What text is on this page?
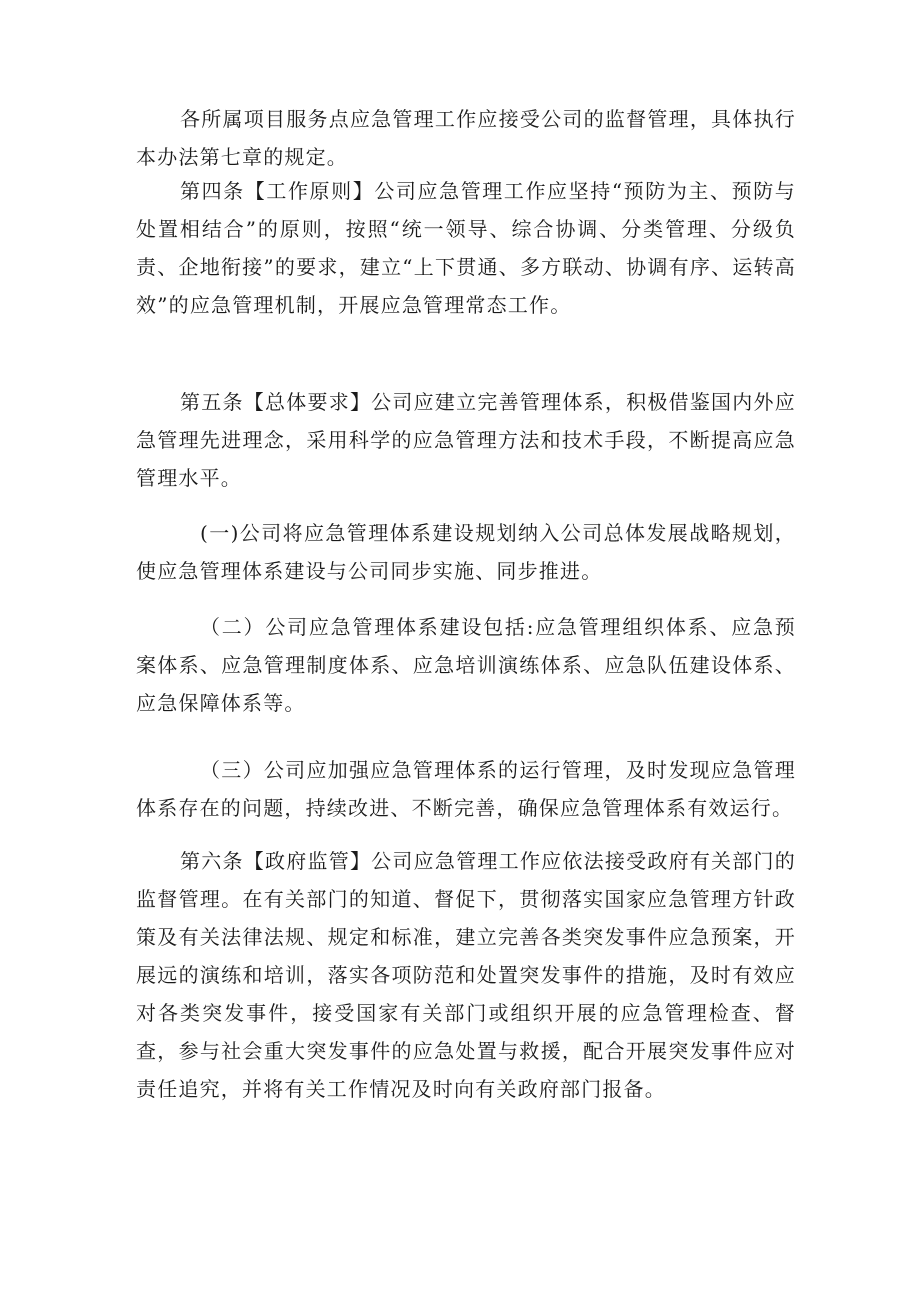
各所属项目服务点应急管理工作应接受公司的监督管理，具体执行本办法第七章的规定。

第四条【工作原则】公司应急管理工作应坚持“预防为主、预防与处置相结合”的原则，按照“统一领导、综合协调、分类管理、分级负责、企地衔接”的要求，建立“上下贯通、多方联动、协调有序、运转高效”的应急管理机制，开展应急管理常态工作。

第五条【总体要求】公司应建立完善管理体系，积极借鉴国内外应急管理先进理念，采用科学的应急管理方法和技术手段，不断提高应急管理水平。

(一)公司将应急管理体系建设规划纳入公司总体发展战略规划，使应急管理体系建设与公司同步实施、同步推进。

（二）公司应急管理体系建设包括:应急管理组织体系、应急预案体系、应急管理制度体系、应急培训演练体系、应急队伍建设体系、应急保障体系等。

（三）公司应加强应急管理体系的运行管理，及时发现应急管理体系存在的问题，持续改进、不断完善，确保应急管理体系有效运行。

第六条【政府监管】公司应急管理工作应依法接受政府有关部门的监督管理。在有关部门的知道、督促下，贯彻落实国家应急管理方针政策及有关法律法规、规定和标准，建立完善各类突发事件应急预案，开展远的演练和培训，落实各项防范和处置突发事件的措施，及时有效应对各类突发事件，接受国家有关部门或组织开展的应急管理检查、督查，参与社会重大突发事件的应急处置与救援，配合开展突发事件应对责任追究，并将有关工作情况及时向有关政府部门报备。
